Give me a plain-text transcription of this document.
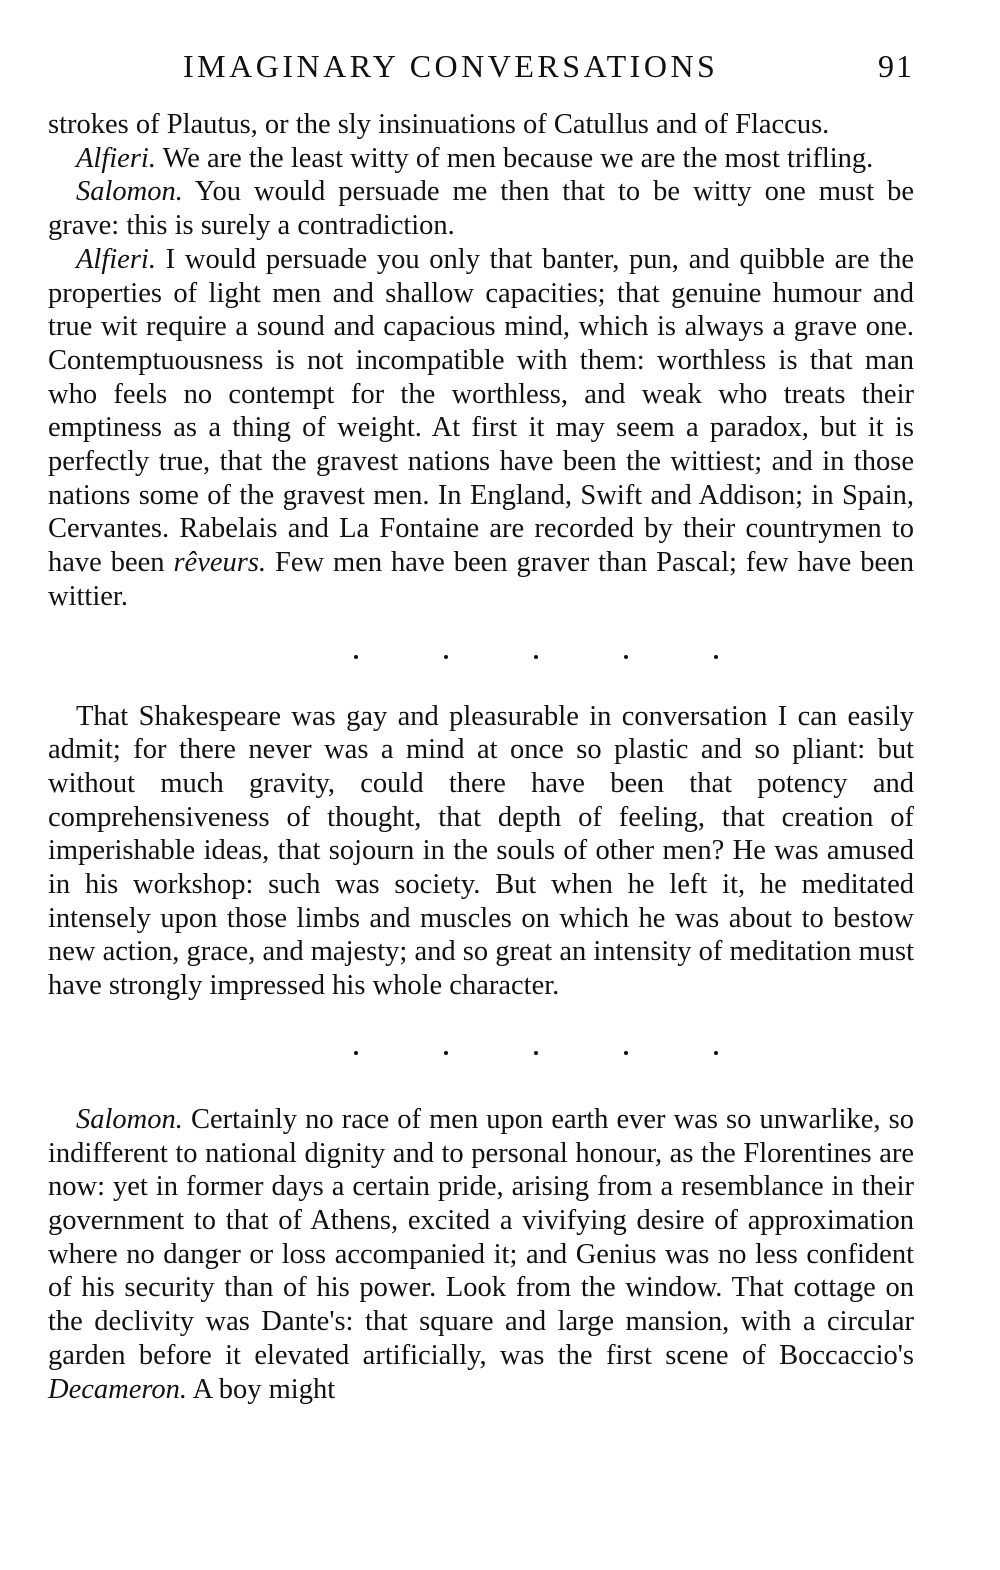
IMAGINARY CONVERSATIONS	91

strokes of Plautus, or the sly insinuations of Catullus and of Flaccus.

Alfieri. We are the least witty of men because we are the most trifling.

Salomon. You would persuade me then that to be witty one must be grave: this is surely a contradiction.

Alfieri. I would persuade you only that banter, pun, and quibble are the properties of light men and shallow capacities; that genuine humour and true wit require a sound and capacious mind, which is always a grave one. Contemptuousness is not incompatible with them: worthless is that man who feels no contempt for the worthless, and weak who treats their emptiness as a thing of weight. At first it may seem a paradox, but it is perfectly true, that the gravest nations have been the wittiest; and in those nations some of the gravest men. In England, Swift and Addison; in Spain, Cervantes. Rabelais and La Fontaine are recorded by their countrymen to have been rêveurs. Few men have been graver than Pascal; few have been wittier.

That Shakespeare was gay and pleasurable in conversation I can easily admit; for there never was a mind at once so plastic and so pliant: but without much gravity, could there have been that potency and comprehensiveness of thought, that depth of feeling, that creation of imperishable ideas, that sojourn in the souls of other men? He was amused in his workshop: such was society. But when he left it, he meditated intensely upon those limbs and muscles on which he was about to bestow new action, grace, and majesty; and so great an intensity of meditation must have strongly impressed his whole character.

Salomon. Certainly no race of men upon earth ever was so unwarlike, so indifferent to national dignity and to personal honour, as the Florentines are now: yet in former days a certain pride, arising from a resemblance in their government to that of Athens, excited a vivifying desire of approximation where no danger or loss accompanied it; and Genius was no less confident of his security than of his power. Look from the window. That cottage on the declivity was Dante's: that square and large mansion, with a circular garden before it elevated artificially, was the first scene of Boccaccio's Decameron. A boy might
